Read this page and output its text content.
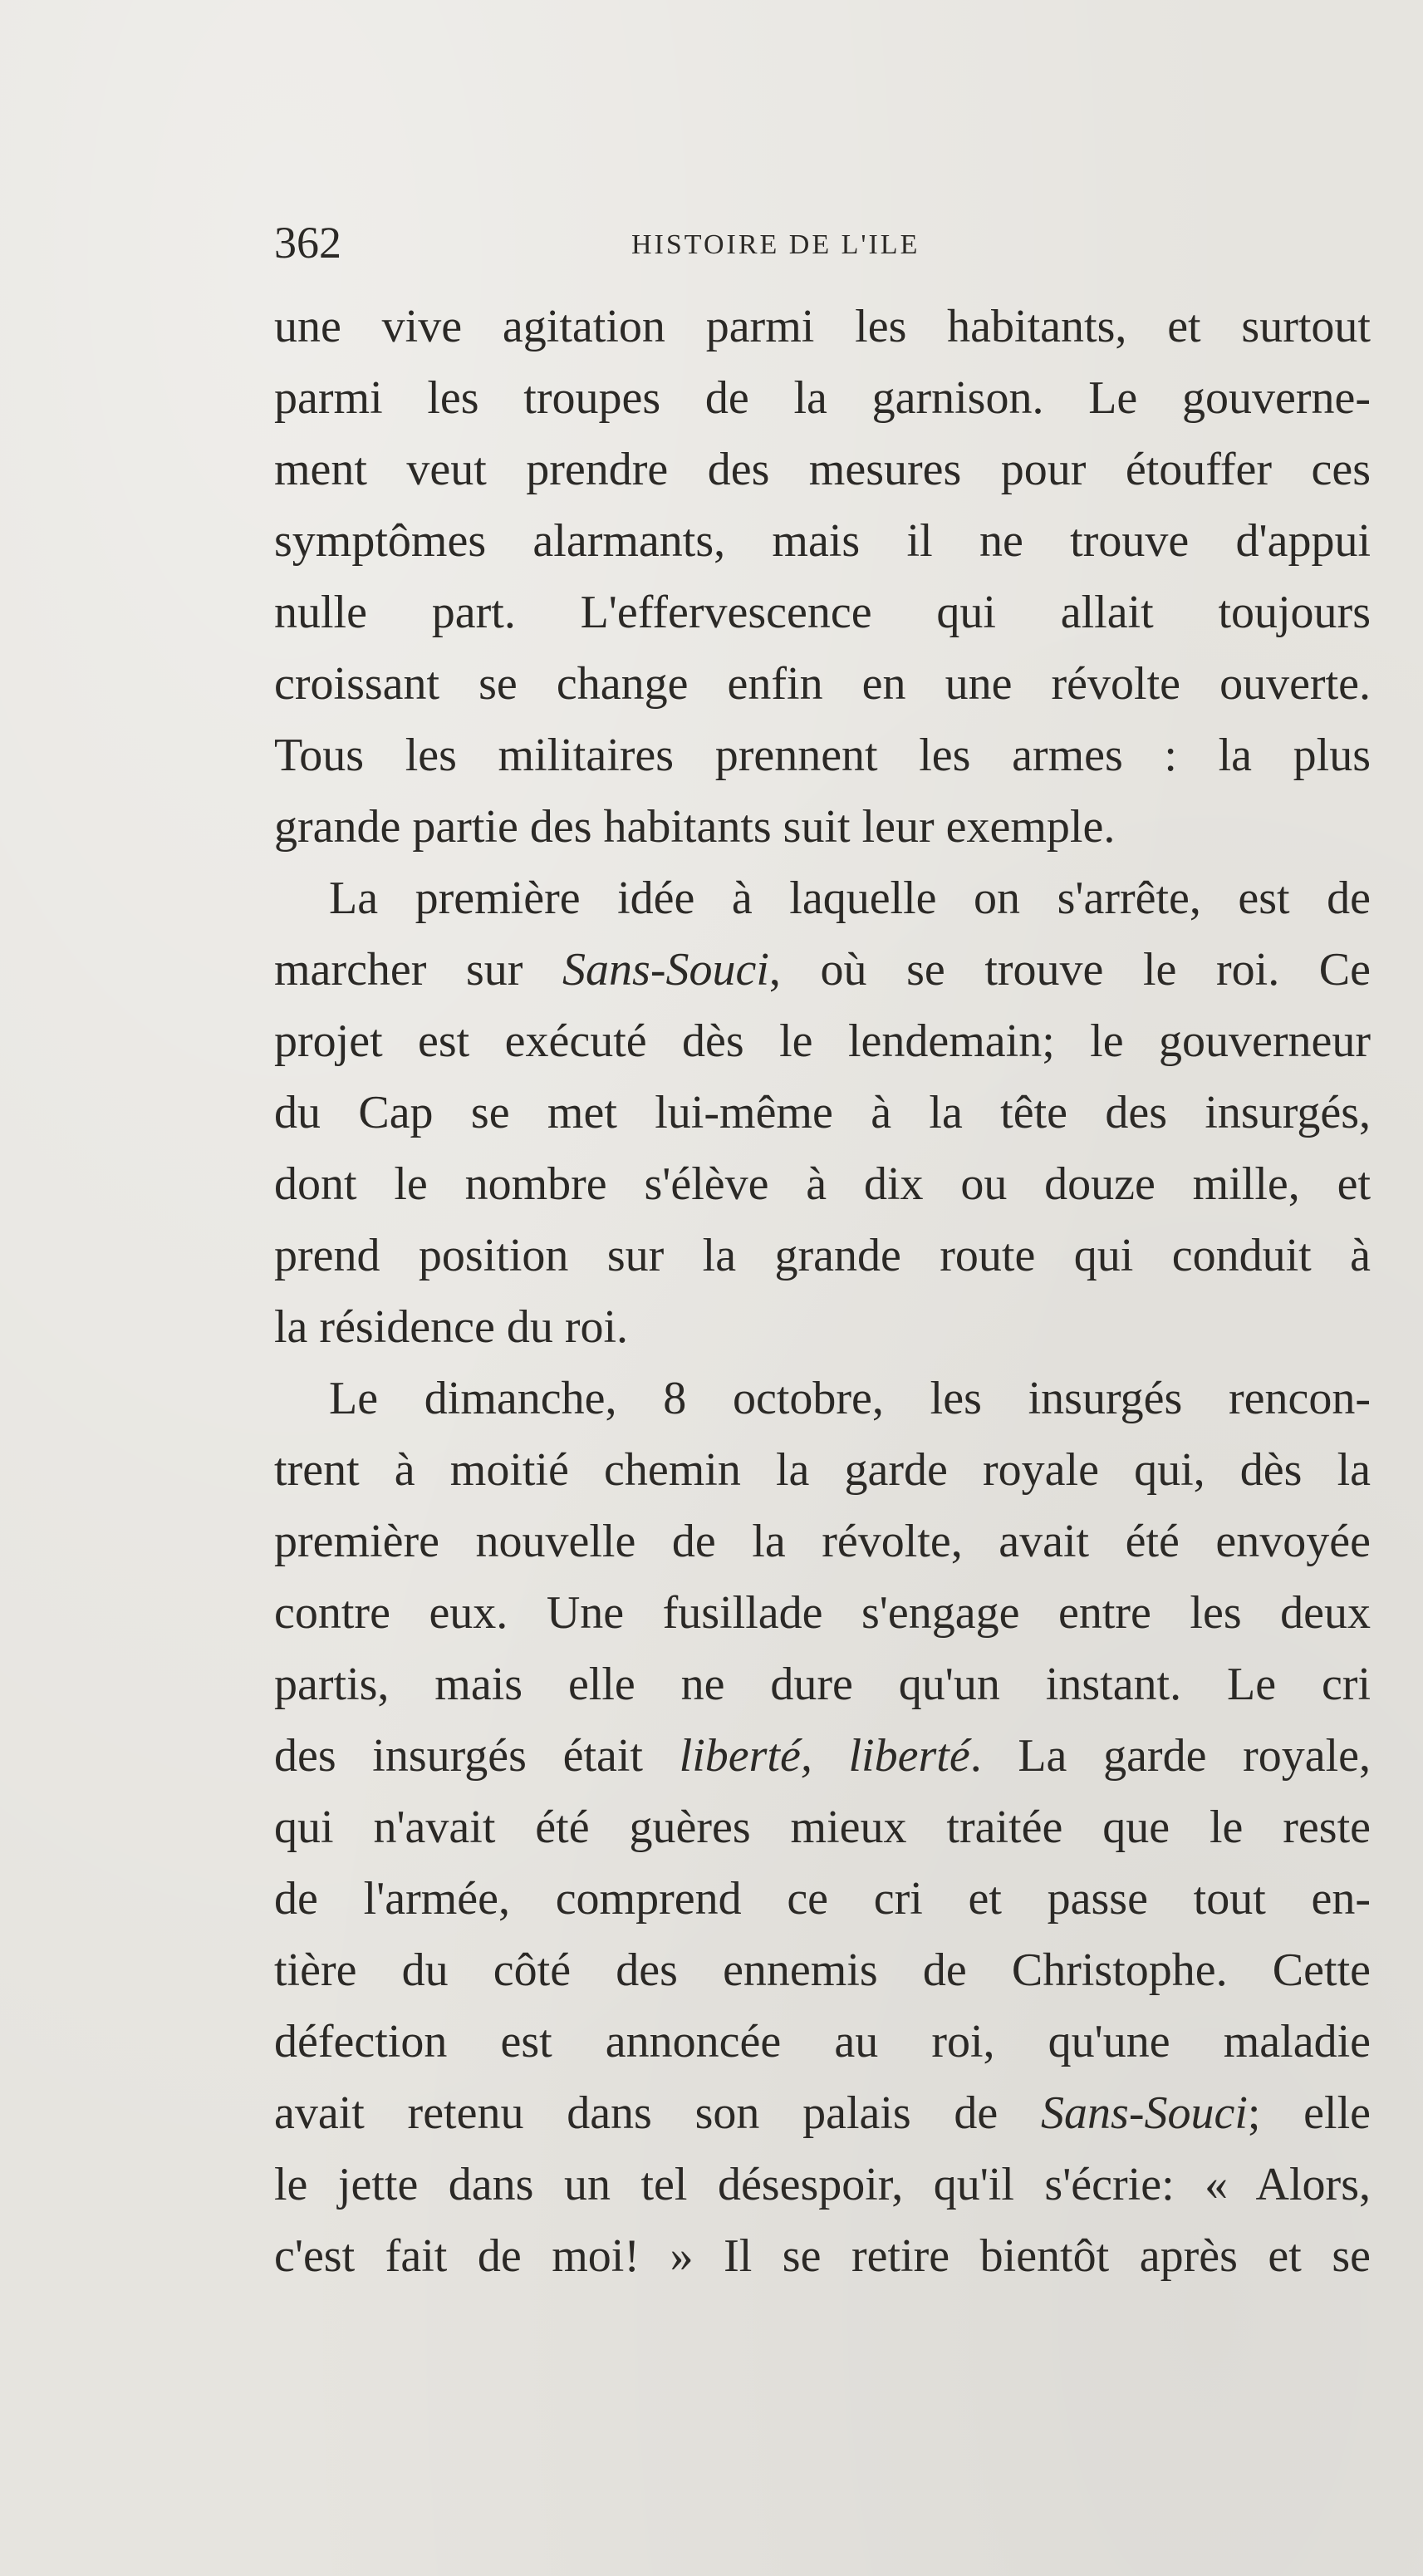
362	HISTOIRE DE L'ILE
une vive agitation parmi les habitants, et surtout
parmi les troupes de la garnison. Le gouverne-
ment veut prendre des mesures pour étouffer ces
symptômes alarmants, mais il ne trouve d'appui
nulle part. L'effervescence qui allait toujours
croissant se change enfin en une révolte ouverte.
Tous les militaires prennent les armes : la plus
grande partie des habitants suit leur exemple.
La première idée à laquelle on s'arrête, est de
marcher sur Sans-Souci, où se trouve le roi. Ce
projet est exécuté dès le lendemain; le gouverneur
du Cap se met lui-même à la tête des insurgés,
dont le nombre s'élève à dix ou douze mille, et
prend position sur la grande route qui conduit à
la résidence du roi.
Le dimanche, 8 octobre, les insurgés rencon-
trent à moitié chemin la garde royale qui, dès la
première nouvelle de la révolte, avait été envoyée
contre eux. Une fusillade s'engage entre les deux
partis, mais elle ne dure qu'un instant. Le cri
des insurgés était liberté, liberté. La garde royale,
qui n'avait été guères mieux traitée que le reste
de l'armée, comprend ce cri et passe tout en-
tière du côté des ennemis de Christophe. Cette
défection est annoncée au roi, qu'une maladie
avait retenu dans son palais de Sans-Souci; elle
le jette dans un tel désespoir, qu'il s'écrie: « Alors,
c'est fait de moi! » Il se retire bientôt après et se
